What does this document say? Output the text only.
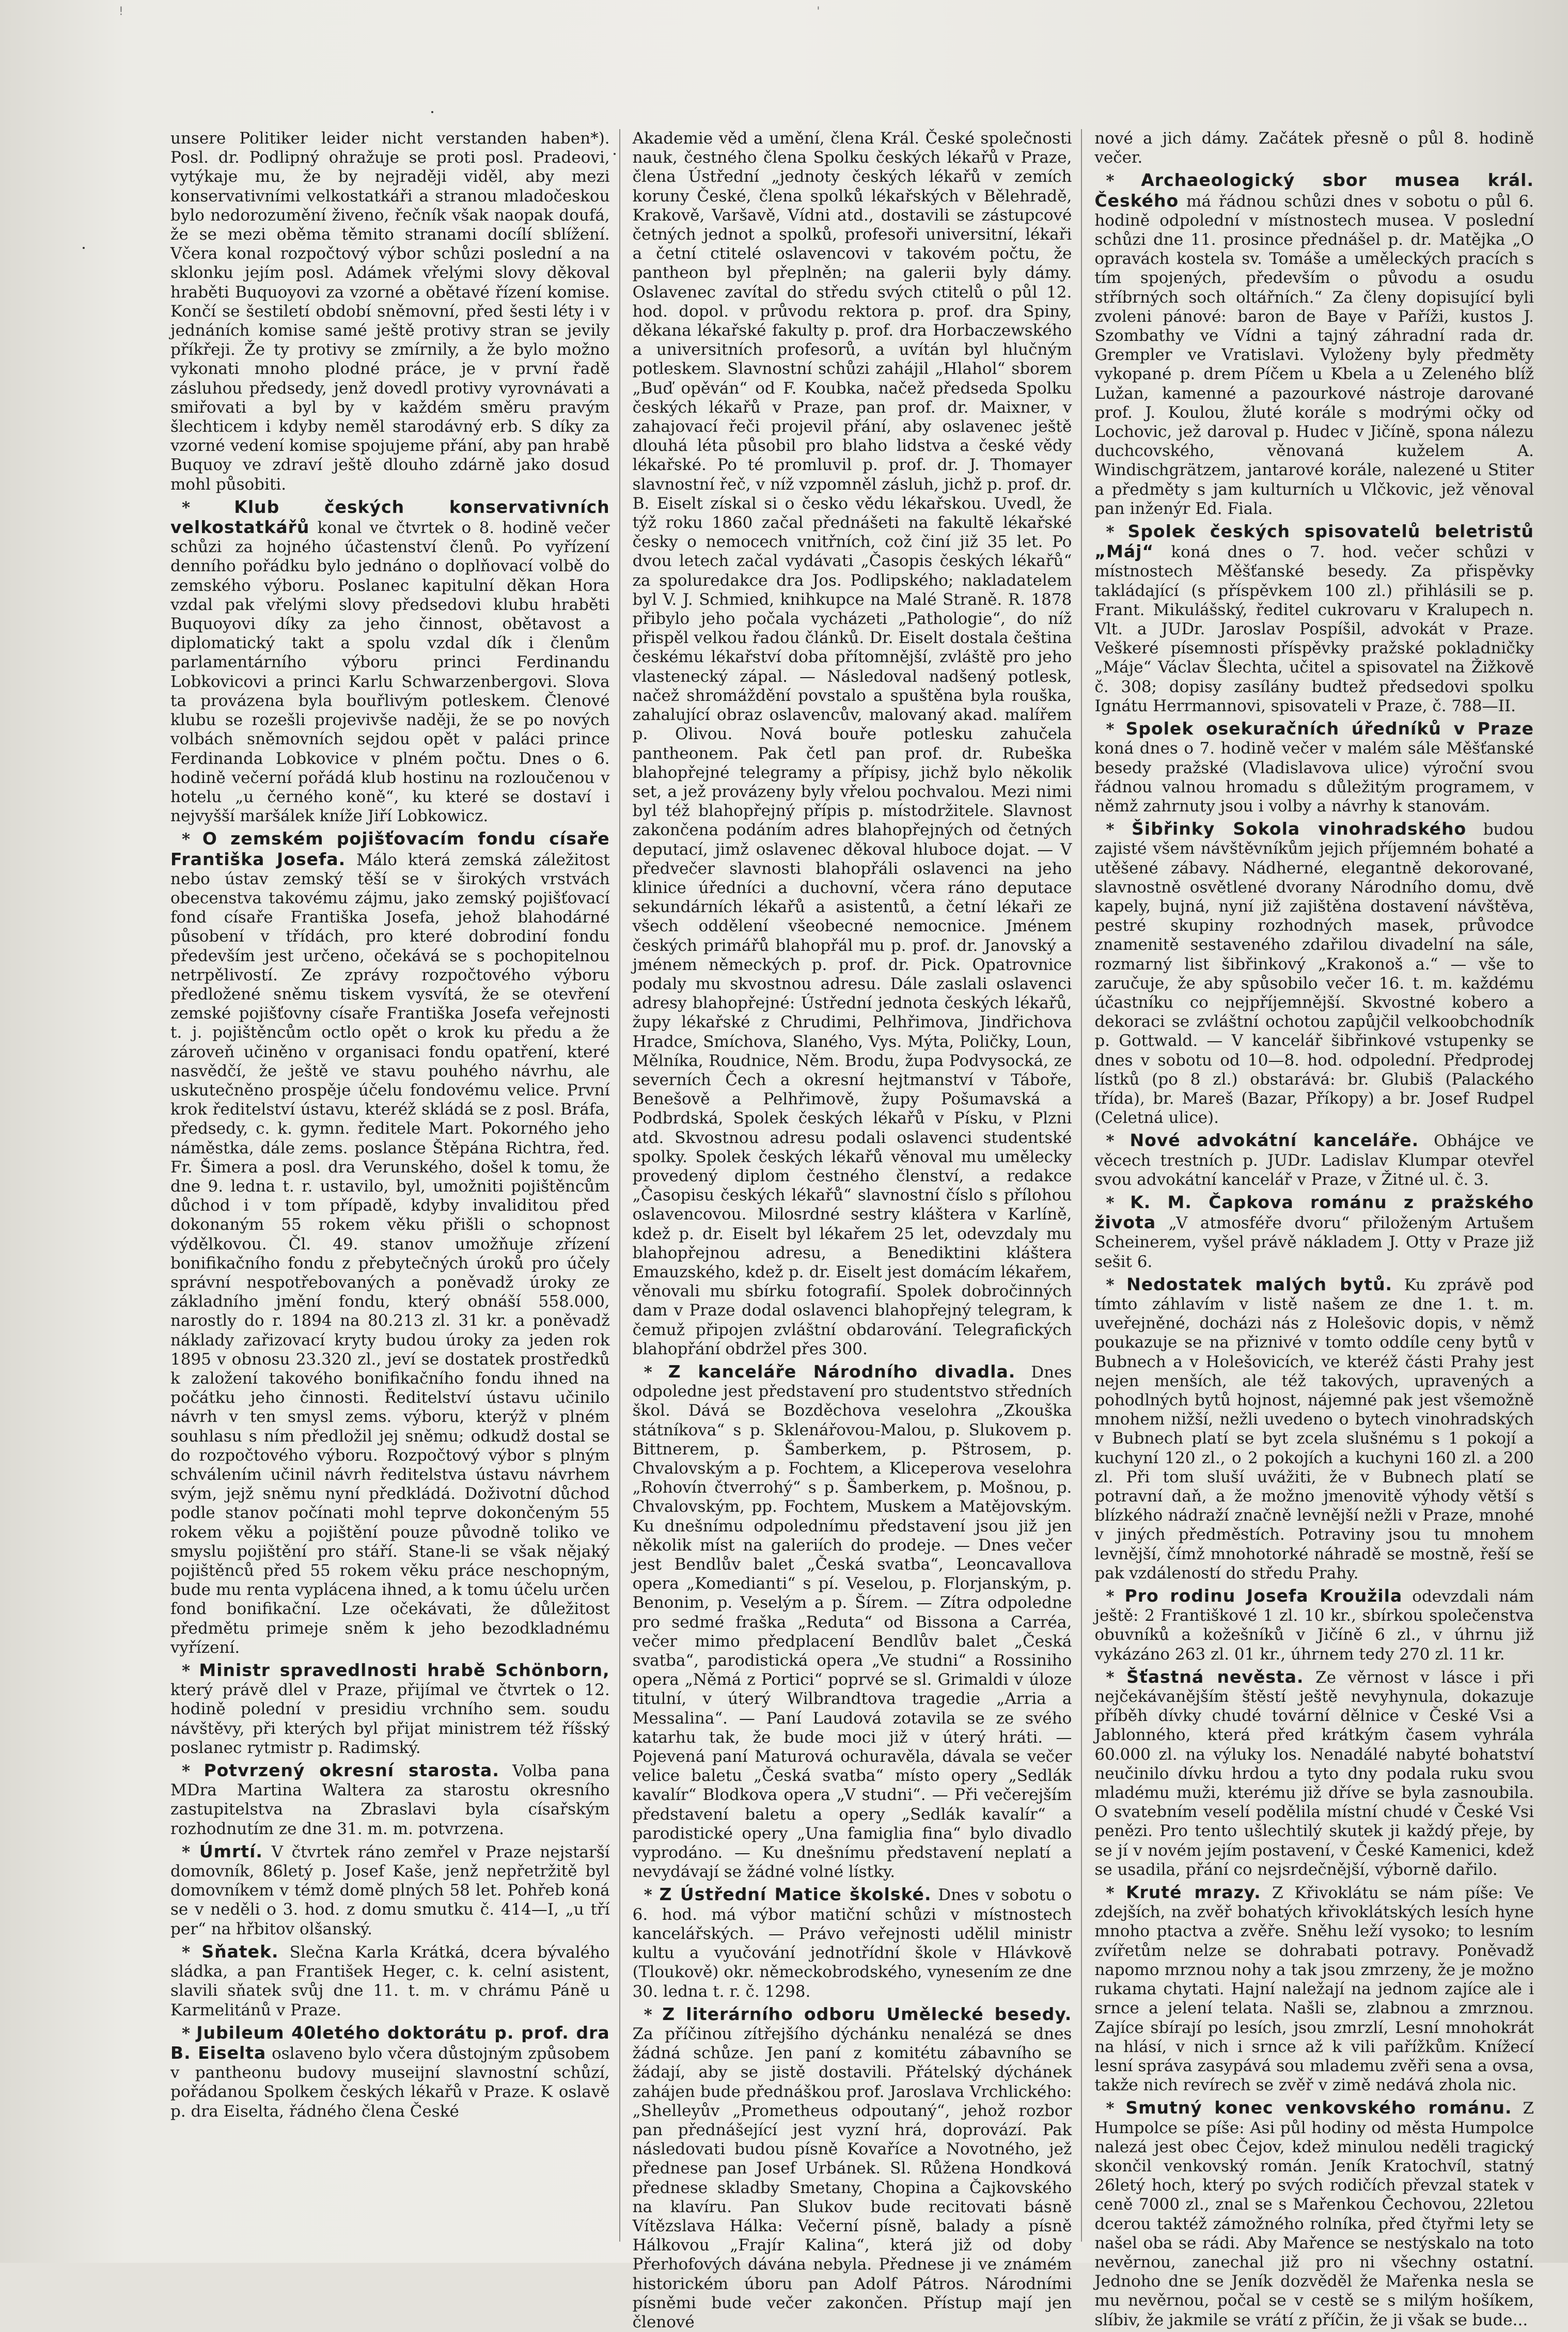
!	'

unsere Politiker leider nicht verstanden haben*). Posl. dr. Podlipný ohražuje se proti posl. Pradeovi, vytýkaje mu, že by nejraději viděl, aby mezi konservativními velkostatkáři a stranou mladočeskou bylo nedorozumění živeno, řečník však naopak doufá, že se mezi oběma těmito stranami docílí sblížení. Včera konal rozpočtový výbor schůzi poslední a na sklonku jejím posl. Adámek vřelými slovy děkoval hraběti Buquoyovi za vzorné a obětavé řízení komise. Končí se šestiletí období sněmovní, před šesti léty i v jednáních komise samé ještě protivy stran se jevily příkřeji. Že ty protivy se zmírnily, a že bylo možno vykonati mnoho plodné práce, je v první řadě zásluhou předsedy, jenž dovedl protivy vyrovnávati a smiřovati a byl by v každém směru pravým šlechticem i kdyby neměl starodávný erb. S díky za vzorné vedení komise spojujeme přání, aby pan hrabě Buquoy ve zdraví ještě dlouho zdárně jako dosud mohl působiti.

* Klub českých konservativních velkostatkářů konal ve čtvrtek o 8. hodině večer schůzi za hojného účastenství členů. Po vyřízení denního pořádku bylo jednáno o doplňovací volbě do zemského výboru. Poslanec kapitulní děkan Hora vzdal pak vřelými slovy předsedovi klubu hraběti Buquoyovi díky za jeho činnost, obětavost a diplomatický takt a spolu vzdal dík i členům parlamentárního výboru princi Ferdinandu Lobkovicovi a princi Karlu Schwarzenbergovi. Slova ta provázena byla bouřlivým potleskem. Členové klubu se rozešli projevivše naději, že se po nových volbách sněmovních sejdou opět v paláci prince Ferdinanda Lobkovice v plném počtu. Dnes o 6. hodině večerní pořádá klub hostinu na rozloučenou v hotelu „u černého koně“, ku které se dostaví i nejvyšší maršálek kníže Jiří Lobkowicz.

* O zemském pojišťovacím fondu císaře Františka Josefa. Málo která zemská záležitost nebo ústav zemský těší se v širokých vrstvách obecenstva takovému zájmu, jako zemský pojišťovací fond císaře Františka Josefa, jehož blahodárné působení v třídách, pro které dobrodiní fondu především jest určeno, očekává se s pochopitelnou netrpělivostí. Ze zprávy rozpočtového výboru předložené sněmu tiskem vysvítá, že se otevření zemské pojišťovny císaře Františka Josefa veřejnosti t. j. pojištěncům octlo opět o krok ku předu a že zároveň učiněno v organisaci fondu opatření, které nasvědčí, že ještě ve stavu pouhého návrhu, ale uskutečněno prospěje účelu fondovému velice. První krok ředitelství ústavu, kteréž skládá se z posl. Bráfa, předsedy, c. k. gymn. ředitele Mart. Pokorného jeho náměstka, dále zems. poslance Štěpána Richtra, řed. Fr. Šimera a posl. dra Verunského, došel k tomu, že dne 9. ledna t. r. ustavilo, byl, umožniti pojištěncům důchod i v tom případě, kdyby invaliditou před dokonaným 55 rokem věku přišli o schopnost výdělkovou. Čl. 49. stanov umožňuje zřízení bonifikačního fondu z přebytečných úroků pro účely správní nespotřebovaných a poněvadž úroky ze základního jmění fondu, který obnáší 558.000, narostly do r. 1894 na 80.213 zl. 31 kr. a poněvadž náklady zařizovací kryty budou úroky za jeden rok 1895 v obnosu 23.320 zl., jeví se dostatek prostředků k založení takového bonifikačního fondu ihned na počátku jeho činnosti. Ředitelství ústavu učinilo návrh v ten smysl zems. výboru, kterýž v plném souhlasu s ním předložil jej sněmu; odkudž dostal se do rozpočtového výboru. Rozpočtový výbor s plným schválením učinil návrh ředitelstva ústavu návrhem svým, jejž sněmu nyní předkládá. Doživotní důchod podle stanov počínati mohl teprve dokončeným 55 rokem věku a pojištění pouze původně toliko ve smyslu pojištění pro stáří. Stane-li se však nějaký pojištěnců před 55 rokem věku práce neschopným, bude mu renta vyplácena ihned, a k tomu účelu určen fond bonifikační. Lze očekávati, že důležitost předmětu primeje sněm k jeho bezodkladnému vyřízení.

* Ministr spravedlnosti hrabě Schönborn, který právě dlel v Praze, přijímal ve čtvrtek o 12. hodině polední v presidiu vrchního sem. soudu návštěvy, při kterých byl přijat ministrem též říšský poslanec rytmistr p. Radimský.

* Potvrzený okresní starosta. Volba pana MDra Martina Waltera za starostu okresního zastupitelstva na Zbraslavi byla císařským rozhodnutím ze dne 31. m. m. potvrzena.

* Úmrtí. V čtvrtek ráno zemřel v Praze nejstarší domovník, 86letý p. Josef Kaše, jenž nepřetržitě byl domovníkem v témž domě plných 58 let. Pohřeb koná se v neděli o 3. hod. z domu smutku č. 414—I, „u tří per“ na hřbitov olšanský.

* Sňatek. Slečna Karla Krátká, dcera bývalého sládka, a pan František Heger, c. k. celní asistent, slavili sňatek svůj dne 11. t. m. v chrámu Páně u Karmelitánů v Praze.

* Jubileum 40letého doktorátu p. prof. dra B. Eiselta oslaveno bylo včera důstojným způsobem v pantheonu budovy museijní slavnostní schůzí, pořádanou Spolkem českých lékařů v Praze. K oslavě p. dra Eiselta, řádného člena České

Akademie věd a umění, člena Král. České společnosti nauk, čestného člena Spolku českých lékařů v Praze, člena Ústřední „jednoty českých lékařů v zemích koruny České, člena spolků lékařských v Bělehradě, Krakově, Varšavě, Vídni atd., dostavili se zástupcové četných jednot a spolků, profesoři universitní, lékaři a četní ctitelé oslavencovi v takovém počtu, že pantheon byl přeplněn; na galerii byly dámy. Oslavenec zavítal do středu svých ctitelů o půl 12. hod. dopol. v průvodu rektora p. prof. dra Spiny, děkana lékařské fakulty p. prof. dra Horbaczewského a universitních profesorů, a uvítán byl hlučným potleskem. Slavnostní schůzi zahájil „Hlahol“ sborem „Buď opěván“ od F. Koubka, načež předseda Spolku českých lékařů v Praze, pan prof. dr. Maixner, v zahajovací řeči projevil přání, aby oslavenec ještě dlouhá léta působil pro blaho lidstva a české vědy lékařské. Po té promluvil p. prof. dr. J. Thomayer slavnostní řeč, v níž vzpomněl zásluh, jichž p. prof. dr. B. Eiselt získal si o česko vědu lékařskou. Uvedl, že týž roku 1860 začal přednášeti na fakultě lékařské česky o nemocech vnitřních, což činí již 35 let. Po dvou letech začal vydávati „Časopis českých lékařů“ za spoluredakce dra Jos. Podlipského; nakladatelem byl V. J. Schmied, knihkupce na Malé Straně. R. 1878 přibylo jeho počala vycházeti „Pathologie“, do níž přispěl velkou řadou článků. Dr. Eiselt dostala čeština českému lékařství doba přítomnější, zvláště pro jeho vlastenecký zápal. — Následoval nadšený potlesk, načež shromáždění povstalo a spuštěna byla rouška, zahalující obraz oslavencův, malovaný akad. malířem p. Olivou. Nová bouře potlesku zahučela pantheonem. Pak četl pan prof. dr. Rubeška blahopřejné telegramy a přípisy, jichž bylo několik set, a jež provázeny byly vřelou pochvalou. Mezi nimi byl též blahopřejný přípis p. místodržitele. Slavnost zakončena podáním adres blahopřejných od četných deputací, jimž oslavenec děkoval hluboce dojat. — V předvečer slavnosti blahopřáli oslavenci na jeho klinice úředníci a duchovní, včera ráno deputace sekundárních lékařů a asistentů, a četní lékaři ze všech oddělení všeobecné nemocnice. Jménem českých primářů blahopřál mu p. prof. dr. Janovský a jménem německých p. prof. dr. Pick. Opatrovnice podaly mu skvostnou adresu. Dále zaslali oslavenci adresy blahopřejné: Ústřední jednota českých lékařů, župy lékařské z Chrudimi, Pelhřimova, Jindřichova Hradce, Smíchova, Slaného, Vys. Mýta, Poličky, Loun, Mělníka, Roudnice, Něm. Brodu, župa Podvysocká, ze severních Čech a okresní hejtmanství v Táboře, Benešově a Pelhřimově, župy Pošumavská a Podbrdská, Spolek českých lékařů v Písku, v Plzni atd. Skvostnou adresu podali oslavenci studentské spolky. Spolek českých lékařů věnoval mu umělecky provedený diplom čestného členství, a redakce „Časopisu českých lékařů“ slavnostní číslo s přílohou oslavencovou. Milosrdné sestry kláštera v Karlíně, kdež p. dr. Eiselt byl lékařem 25 let, odevzdaly mu blahopřejnou adresu, a Benediktini kláštera Emauzského, kdež p. dr. Eiselt jest domácím lékařem, věnovali mu sbírku fotografií. Spolek dobročinných dam v Praze dodal oslavenci blahopřejný telegram, k čemuž připojen zvláštní obdarování. Telegrafických blahopřání obdržel přes 300.

* Z kanceláře Národního divadla. Dnes odpoledne jest představení pro studentstvo středních škol. Dává se Bozděchova veselohra „Zkouška státníkova“ s p. Sklenářovou-Malou, p. Slukovem p. Bittnerem, p. Šamberkem, p. Pštrosem, p. Chvalovským a p. Fochtem, a Kliceperova veselohra „Rohovín čtverrohý“ s p. Šamberkem, p. Mošnou, p. Chvalovským, pp. Fochtem, Muskem a Matějovským. Ku dnešnímu odpolednímu představení jsou již jen několik míst na galeriích do prodeje. — Dnes večer jest Bendlův balet „Česká svatba“, Leoncavallova opera „Komedianti“ s pí. Veselou, p. Florjanským, p. Benonim, p. Veselým a p. Šírem. — Zítra odpoledne pro sedmé fraška „Reduta“ od Bissona a Carréa, večer mimo předplacení Bendlův balet „Česká svatba“, parodistická opera „Ve studni“ a Rossiniho opera „Němá z Portici“ poprvé se sl. Grimaldi v úloze titulní, v úterý Wilbrandtova tragedie „Arria a Messalina“. — Paní Laudová zotavila se ze svého katarhu tak, že bude moci již v úterý hráti. — Pojevená paní Maturová ochuravěla, dávala se večer velice baletu „Česká svatba“ místo opery „Sedlák kavalír“ Blodkova opera „V studni“. — Při večerejším představení baletu a opery „Sedlák kavalír“ a parodistické opery „Una famiglia fina“ bylo divadlo vyprodáno. — Ku dnešnímu představení neplatí a nevydávají se žádné volné lístky.

* Z Ústřední Matice školské. Dnes v sobotu o 6. hod. má výbor matiční schůzi v místnostech kancelářských. — Právo veřejnosti udělil ministr kultu a vyučování jednotřídní škole v Hlávkově (Tloukově) okr. německobrodského, vynesením ze dne 30. ledna t. r. č. 1298.

* Z literárního odboru Umělecké besedy. Za příčinou zítřejšího dýchánku nenalézá se dnes žádná schůze. Jen paní z komitétu zábavního se žádají, aby se jistě dostavili. Přátelský dýchánek zahájen bude přednáškou prof. Jaroslava Vrchlického: „Shelleyův „Prometheus odpoutaný“, jehož rozbor pan přednášející jest vyzní hrá, doprovází. Pak následovati budou písně Kovaříce a Novotného, jež přednese pan Josef Urbánek. Sl. Růžena Hondková přednese skladby Smetany, Chopina a Čajkovského na klavíru. Pan Slukov bude recitovati básně Vítězslava Hálka: Večerní písně, balady a písně Hálkovou „Frajír Kalina“, která již od doby Přerhofových dávána nebyla. Přednese ji ve známém historickém úboru pan Adolf Pátros. Národními písněmi bude večer zakončen. Přístup mají jen členové

nové a jich dámy. Začátek přesně o půl 8. hodině večer.

* Archaeologický sbor musea král. Českého má řádnou schůzi dnes v sobotu o půl 6. hodině odpolední v místnostech musea. V poslední schůzi dne 11. prosince přednášel p. dr. Matějka „O opravách kostela sv. Tomáše a uměleckých pracích s tím spojených, především o původu a osudu stříbrných soch oltářních.“ Za členy dopisující byli zvoleni pánové: baron de Baye v Paříži, kustos J. Szombathy ve Vídni a tajný záhradní rada dr. Grempler ve Vratislavi. Vyloženy byly předměty vykopané p. drem Píčem u Kbela a u Zeleného blíž Lužan, kamenné a pazourkové nástroje darované prof. J. Koulou, žluté korále s modrými očky od Lochovic, jež daroval p. Hudec v Jičíně, spona nálezu duchcovského, věnovaná kuželem A. Windischgrätzem, jantarové korále, nalezené u Stiter a předměty s jam kulturních u Vlčkovic, jež věnoval pan inženýr Ed. Fiala.

* Spolek českých spisovatelů beletristů „Máj“ koná dnes o 7. hod. večer schůzi v místnostech Měšťanské besedy. Za přispěvky takládající (s příspěvkem 100 zl.) přihlásili se p. Frant. Mikulášský, ředitel cukrovaru v Kralupech n. Vlt. a JUDr. Jaroslav Pospíšil, advokát v Praze. Veškeré písemnosti příspěvky pražské pokladničky „Máje“ Václav Šlechta, učitel a spisovatel na Žižkově č. 308; dopisy zasílány budtež předsedovi spolku Ignátu Herrmannovi, spisovateli v Praze, č. 788—II.

* Spolek osekuračních úředníků v Praze koná dnes o 7. hodině večer v malém sále Měšťanské besedy pražské (Vladislavova ulice) výroční svou řádnou valnou hromadu s důležitým programem, v němž zahrnuty jsou i volby a návrhy k stanovám.

* Šibřinky Sokola vinohradského budou zajisté všem návštěvníkům jejich příjemném bohaté a utěšené zábavy. Nádherné, elegantně dekorované, slavnostně osvětlené dvorany Národního domu, dvě kapely, bujná, nyní již zajištěna dostavení návštěva, pestré skupiny rozhodných masek, průvodce znamenitě sestaveného zdařilou divadelní na sále, rozmarný list šibřinkový „Krakonoš a.“ — vše to zaručuje, že aby spůsobilo večer 16. t. m. každému účastníku co nejpříjemnější. Skvostné kobero a dekoraci se zvláštní ochotou zapůjčil velkoobchodník p. Gottwald. — V kancelář šibřinkové vstupenky se dnes v sobotu od 10—8. hod. odpolední. Předprodej lístků (po 8 zl.) obstarává: br. Glubiš (Palackého třída), br. Mareš (Bazar, Příkopy) a br. Josef Rudpel (Celetná ulice).

* Nové advokátní kanceláře. Obhájce ve věcech trestních p. JUDr. Ladislav Klumpar otevřel svou advokátní kancelář v Praze, v Žitné ul. č. 3.

* K. M. Čapkova románu z pražského života „V atmosféře dvoru“ přiloženým Artušem Scheinerem, vyšel právě nákladem J. Otty v Praze již sešit 6.

* Nedostatek malých bytů. Ku zprávě pod tímto záhlavím v listě našem ze dne 1. t. m. uveřejněné, docházi nás z Holešovic dopis, v němž poukazuje se na přiznivé v tomto oddíle ceny bytů v Bubnech a v Holešovicích, ve kteréž části Prahy jest nejen menších, ale též takových, upravených a pohodlných bytů hojnost, nájemné pak jest všemožně mnohem nižší, nežli uvedeno o bytech vinohradských v Bubnech platí se byt zcela slušnému s 1 pokojí a kuchyní 120 zl., o 2 pokojích a kuchyni 160 zl. a 200 zl. Při tom sluší uvážiti, že v Bubnech platí se potravní daň, a že možno jmenovitě výhody větší s blízkého nádraží značně levnější nežli v Praze, mnohé v jiných předměstích. Potraviny jsou tu mnohem levnější, čímž mnohotorké náhradě se mostně, řeší se pak vzdáleností do středu Prahy.

* Pro rodinu Josefa Kroužila odevzdali nám ještě: 2 Františkové 1 zl. 10 kr., sbírkou společenstva obuvníků a kožešníků v Jičíně 6 zl., v úhrnu již vykázáno 263 zl. 01 kr., úhrnem tedy 270 zl. 11 kr.

* Šťastná nevěsta. Ze věrnost v lásce i při nejčekávanějším štěstí ještě nevyhynula, dokazuje příběh dívky chudé tovární dělnice v České Vsi a Jablonného, která před krátkým časem vyhrála 60.000 zl. na výluky los. Nenadálé nabyté bohatství neučinilo dívku hrdou a tyto dny podala ruku svou mladému muži, kterému již dříve se byla zasnoubila. O svatebním veselí podělila místní chudé v České Vsi penězi. Pro tento ušlechtilý skutek ji každý přeje, by se jí v novém jejím postavení, v České Kamenici, kdež se usadila, přání co nejsrdečnější, výborně dařilo.

* Kruté mrazy. Z Křivoklátu se nám píše: Ve zdejších, na zvěř bohatých křivoklátských lesích hyne mnoho ptactva a zvěře. Sněhu leží vysoko; to lesním zvířetům nelze se dohrabati potravy. Poněvadž napomo mrznou nohy a tak jsou zmrzeny, že je možno rukama chytati. Hajní naležají na jednom zajíce ale i srnce a jelení telata. Našli se, zlabnou a zmrznou. Zajíce sbírají po lesích, jsou zmrzlí, Lesní mnohokrát na hlásí, v nich i srnce až k vili pařížkům. Knížecí lesní správa zasypává sou mlademu zvěři sena a ovsa, takže nich revírech se zvěř v zimě nedává zhola nic.

* Smutný konec venkovského románu. Z Humpolce se píše: Asi půl hodiny od města Humpolce nalezá jest obec Čejov, kdež minulou neděli tragický skončil venkovský román. Jeník Kratochvíl, statný 26letý hoch, který po svých rodičích převzal statek v ceně 7000 zl., znal se s Mařenkou Čechovou, 22letou dcerou taktéž zámožného rolníka, před čtyřmi lety se našel oba se rádi. Aby Mařence se nestýskalo na toto nevěrnou, zanechal již pro ni všechny ostatní. Jednoho dne se Jeník dozvěděl že Mařenka nesla se mu nevěrnou, počal se v cestě se s milým hošíkem, slíbiv, že jakmile se vrátí z příčin, že ji však se bude...
